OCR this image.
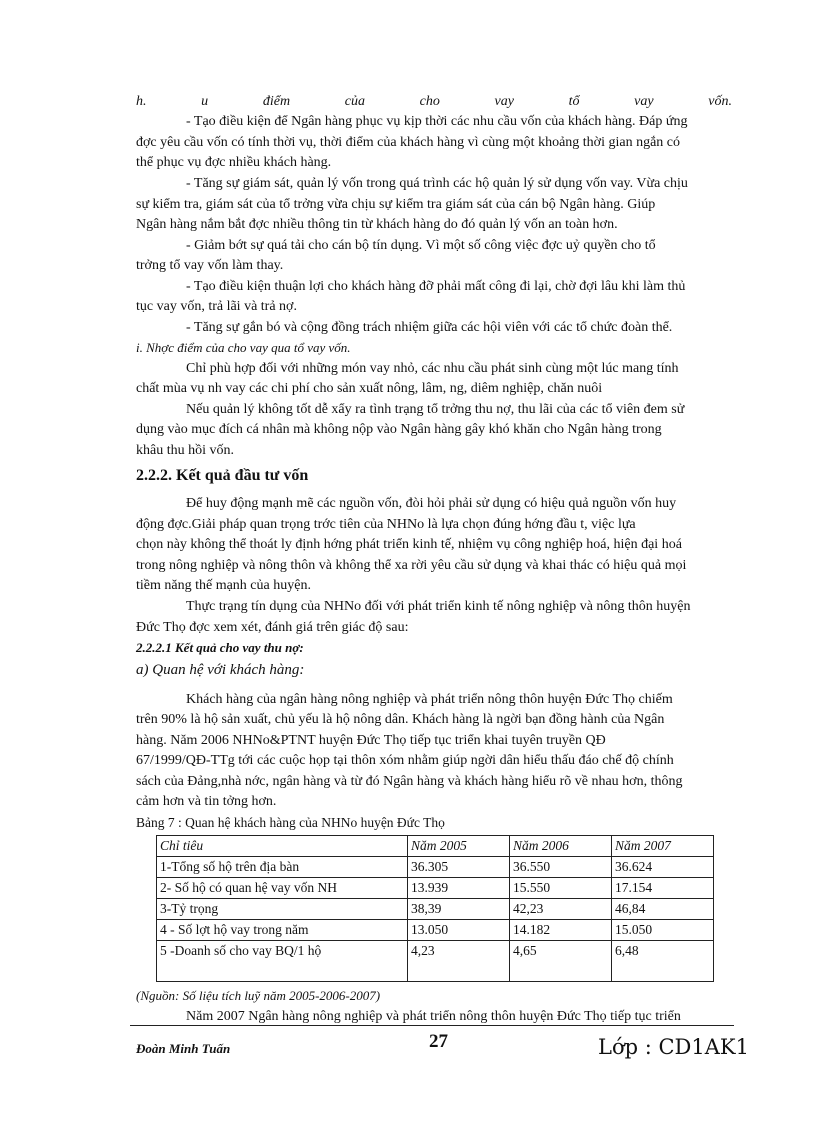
h. u điểm của cho vay tổ vay vốn.
- Tạo điều kiện để Ngân hàng phục vụ kịp thời các nhu cầu vốn của khách hàng. Đáp ứng
đợc yêu cầu vốn có tính thời vụ, thời điểm của khách hàng vì cùng một khoảng thời gian ngắn có
thể phục vụ đợc nhiều khách hàng.
- Tăng sự giám sát, quản lý vốn trong quá trình các hộ quản lý sử dụng vốn vay. Vừa chịu
sự kiểm tra, giám sát của tổ trởng vừa chịu sự kiểm tra giám sát của cán bộ Ngân hàng. Giúp
Ngân hàng nắm bắt đợc nhiều thông tin từ khách hàng do đó quản lý vốn an toàn hơn.
- Giảm bớt sự quá tải cho cán bộ tín dụng. Vì một số công việc đợc uỷ quyền cho tổ
trởng tổ vay vốn làm thay.
- Tạo điều kiện thuận lợi cho khách hàng đỡ phải mất công đi lại, chờ đợi lâu khi làm thủ
tục vay vốn, trả lãi và trả nợ.
- Tăng sự gắn bó và cộng đồng trách nhiệm giữa các hội viên với các tổ chức đoàn thể.
i. Nhợc điểm của cho vay qua tổ vay vốn.
Chỉ phù hợp đối với những món vay nhỏ, các nhu cầu phát sinh cùng một lúc mang tính
chất mùa vụ nh vay các chi phí cho sản xuất nông, lâm, ng, diêm nghiệp, chăn nuôi
Nếu quản lý không tốt dễ xẩy ra tình trạng tổ trởng thu nợ, thu lãi của các tổ viên đem sử
dụng vào mục đích cá nhân mà không nộp vào Ngân hàng gây khó khăn cho Ngân hàng trong
khâu thu hồi vốn.
2.2.2. Kết quả đầu tư vốn
Để huy động mạnh mẽ các nguồn vốn, đòi hỏi phải sử dụng có hiệu quả nguồn vốn huy
động đợc.Giải pháp quan trọng trớc tiên của NHNo là lựa chọn đúng hớng đầu t, việc lựa
chọn này không thể thoát ly định hớng phát triển kinh tế, nhiệm vụ công nghiệp hoá, hiện đại hoá
trong nông nghiệp và nông thôn và không thể xa rời yêu cầu sử dụng và khai thác có hiệu quả mọi
tiềm năng thế mạnh của huyện.
Thực trạng tín dụng của NHNo đối với phát triển kinh tế nông nghiệp và nông thôn huyện
Đức Thọ đợc xem xét, đánh giá trên giác độ sau:
2.2.2.1 Kết quả cho vay thu nợ:
a) Quan hệ với khách hàng:
Khách hàng của ngân hàng nông nghiệp và phát triển nông thôn huyện Đức Thọ chiếm
trên 90% là hộ sản xuất, chủ yếu là hộ nông dân. Khách hàng là ngời bạn đồng hành của Ngân
hàng. Năm 2006 NHNo&PTNT huyện Đức Thọ tiếp tục triển khai tuyên truyền QĐ
67/1999/QĐ-TTg tới các cuộc họp tại thôn xóm nhằm giúp ngời dân hiểu thấu đáo chế độ chính
sách của Đảng,nhà nớc, ngân hàng và từ đó Ngân hàng và khách hàng hiểu rõ về nhau hơn, thông
cảm hơn và tin tởng hơn.
Bảng 7 : Quan hệ khách hàng của NHNo huyện Đức Thọ
Chỉ tiêu	Năm 2005	Năm 2006	Năm 2007
1-Tổng số hộ trên địa bàn	36.305	36.550	36.624
2- Số hộ có quan hệ vay vốn NH	13.939	15.550	17.154
3-Tỷ trọng	38,39	42,23	46,84
4 - Số lợt hộ vay trong năm	13.050	14.182	15.050
5 -Doanh số cho vay BQ/1 hộ	4,23	4,65	6,48
(Nguồn: Số liệu tích luỹ năm 2005-2006-2007)
Năm 2007 Ngân hàng nông nghiệp và phát triển nông thôn huyện Đức Thọ tiếp tục triển
Đoàn Minh Tuấn	27	Lớp : CD1AK1
